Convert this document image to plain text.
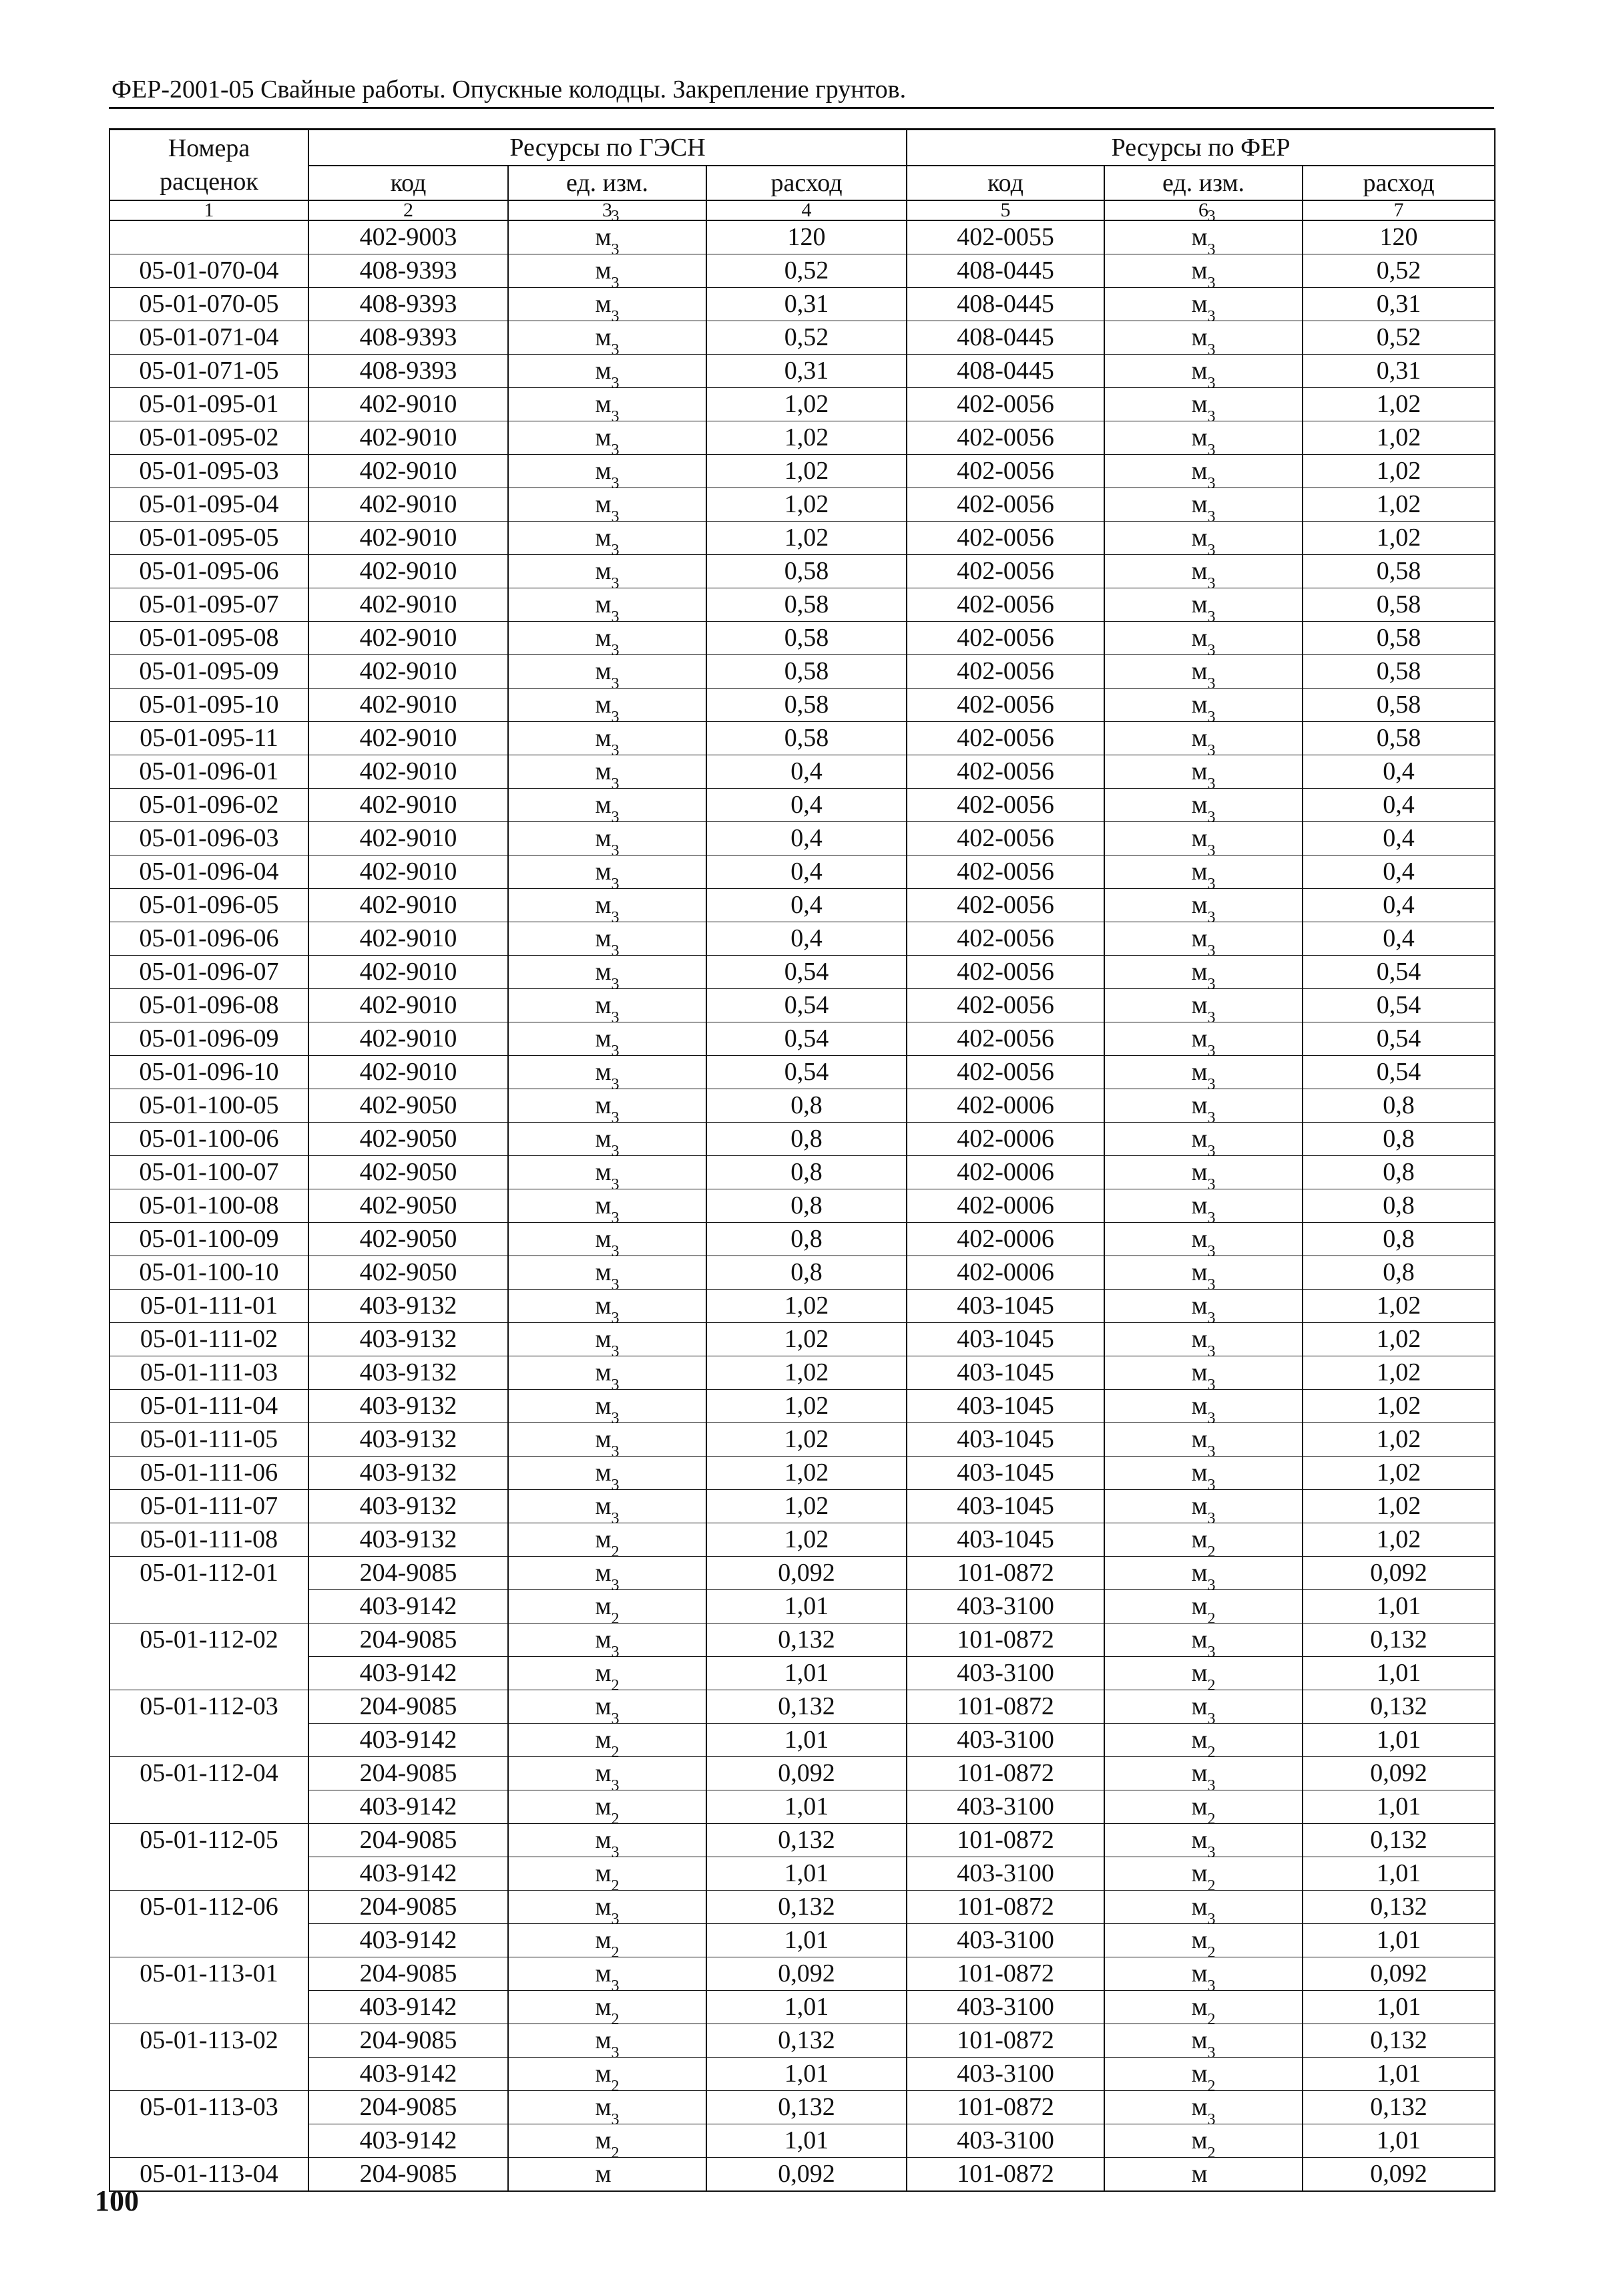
ФЕР-2001-05 Свайные работы. Опускные колодцы. Закрепление грунтов.
Номера
расценок	Ресурсы по ГЭСН			Ресурсы по ФЕР		
	код	ед. изм.	расход	код	ед. изм.	расход
1	2	3	4	5	6	7
	402-9003	$м^3$	120	402-0055	$м^3$	120
05-01-070-04	408-9393	$м^3$	0,52	408-0445	$м^3$	0,52
05-01-070-05	408-9393	$м^3$	0,31	408-0445	$м^3$	0,31
05-01-071-04	408-9393	$м^3$	0,52	408-0445	$м^3$	0,52
05-01-071-05	408-9393	$м^3$	0,31	408-0445	$м^3$	0,31
05-01-095-01	402-9010	$м^3$	1,02	402-0056	$м^3$	1,02
05-01-095-02	402-9010	$м^3$	1,02	402-0056	$м^3$	1,02
05-01-095-03	402-9010	$м^3$	1,02	402-0056	$м^3$	1,02
05-01-095-04	402-9010	$м^3$	1,02	402-0056	$м^3$	1,02
05-01-095-05	402-9010	$м^3$	1,02	402-0056	$м^3$	1,02
05-01-095-06	402-9010	$м^3$	0,58	402-0056	$м^3$	0,58
05-01-095-07	402-9010	$м^3$	0,58	402-0056	$м^3$	0,58
05-01-095-08	402-9010	$м^3$	0,58	402-0056	$м^3$	0,58
05-01-095-09	402-9010	$м^3$	0,58	402-0056	$м^3$	0,58
05-01-095-10	402-9010	$м^3$	0,58	402-0056	$м^3$	0,58
05-01-095-11	402-9010	$м^3$	0,58	402-0056	$м^3$	0,58
05-01-096-01	402-9010	$м^3$	0,4	402-0056	$м^3$	0,4
05-01-096-02	402-9010	$м^3$	0,4	402-0056	$м^3$	0,4
05-01-096-03	402-9010	$м^3$	0,4	402-0056	$м^3$	0,4
05-01-096-04	402-9010	$м^3$	0,4	402-0056	$м^3$	0,4
05-01-096-05	402-9010	$м^3$	0,4	402-0056	$м^3$	0,4
05-01-096-06	402-9010	$м^3$	0,4	402-0056	$м^3$	0,4
05-01-096-07	402-9010	$м^3$	0,54	402-0056	$м^3$	0,54
05-01-096-08	402-9010	$м^3$	0,54	402-0056	$м^3$	0,54
05-01-096-09	402-9010	$м^3$	0,54	402-0056	$м^3$	0,54
05-01-096-10	402-9010	$м^3$	0,54	402-0056	$м^3$	0,54
05-01-100-05	402-9050	$м^3$	0,8	402-0006	$м^3$	0,8
05-01-100-06	402-9050	$м^3$	0,8	402-0006	$м^3$	0,8
05-01-100-07	402-9050	$м^3$	0,8	402-0006	$м^3$	0,8
05-01-100-08	402-9050	$м^3$	0,8	402-0006	$м^3$	0,8
05-01-100-09	402-9050	$м^3$	0,8	402-0006	$м^3$	0,8
05-01-100-10	402-9050	$м^3$	0,8	402-0006	$м^3$	0,8
05-01-111-01	403-9132	$м^3$	1,02	403-1045	$м^3$	1,02
05-01-111-02	403-9132	$м^3$	1,02	403-1045	$м^3$	1,02
05-01-111-03	403-9132	$м^3$	1,02	403-1045	$м^3$	1,02
05-01-111-04	403-9132	$м^3$	1,02	403-1045	$м^3$	1,02
05-01-111-05	403-9132	$м^3$	1,02	403-1045	$м^3$	1,02
05-01-111-06	403-9132	$м^3$	1,02	403-1045	$м^3$	1,02
05-01-111-07	403-9132	$м^3$	1,02	403-1045	$м^3$	1,02
05-01-111-08	403-9132	$м^3$	1,02	403-1045	$м^3$	1,02
05-01-112-01	204-9085	$м^2$	0,092	101-0872	$м^2$	0,092
	403-9142	$м^3$	1,01	403-3100	$м^3$	1,01
05-01-112-02	204-9085	$м^2$	0,132	101-0872	$м^2$	0,132
	403-9142	$м^3$	1,01	403-3100	$м^3$	1,01
05-01-112-03	204-9085	$м^2$	0,132	101-0872	$м^2$	0,132
	403-9142	$м^3$	1,01	403-3100	$м^3$	1,01
05-01-112-04	204-9085	$м^2$	0,092	101-0872	$м^2$	0,092
	403-9142	$м^3$	1,01	403-3100	$м^3$	1,01
05-01-112-05	204-9085	$м^2$	0,132	101-0872	$м^2$	0,132
	403-9142	$м^3$	1,01	403-3100	$м^3$	1,01
05-01-112-06	204-9085	$м^2$	0,132	101-0872	$м^2$	0,132
	403-9142	$м^3$	1,01	403-3100	$м^3$	1,01
05-01-113-01	204-9085	$м^2$	0,092	101-0872	$м^2$	0,092
	403-9142	$м^3$	1,01	403-3100	$м^3$	1,01
05-01-113-02	204-9085	$м^2$	0,132	101-0872	$м^2$	0,132
	403-9142	$м^3$	1,01	403-3100	$м^3$	1,01
05-01-113-03	204-9085	$м^2$	0,132	101-0872	$м^2$	0,132
	403-9142	$м^3$	1,01	403-3100	$м^3$	1,01
05-01-113-04	204-9085	$м^2$	0,092	101-0872	$м^2$	0,092
100
